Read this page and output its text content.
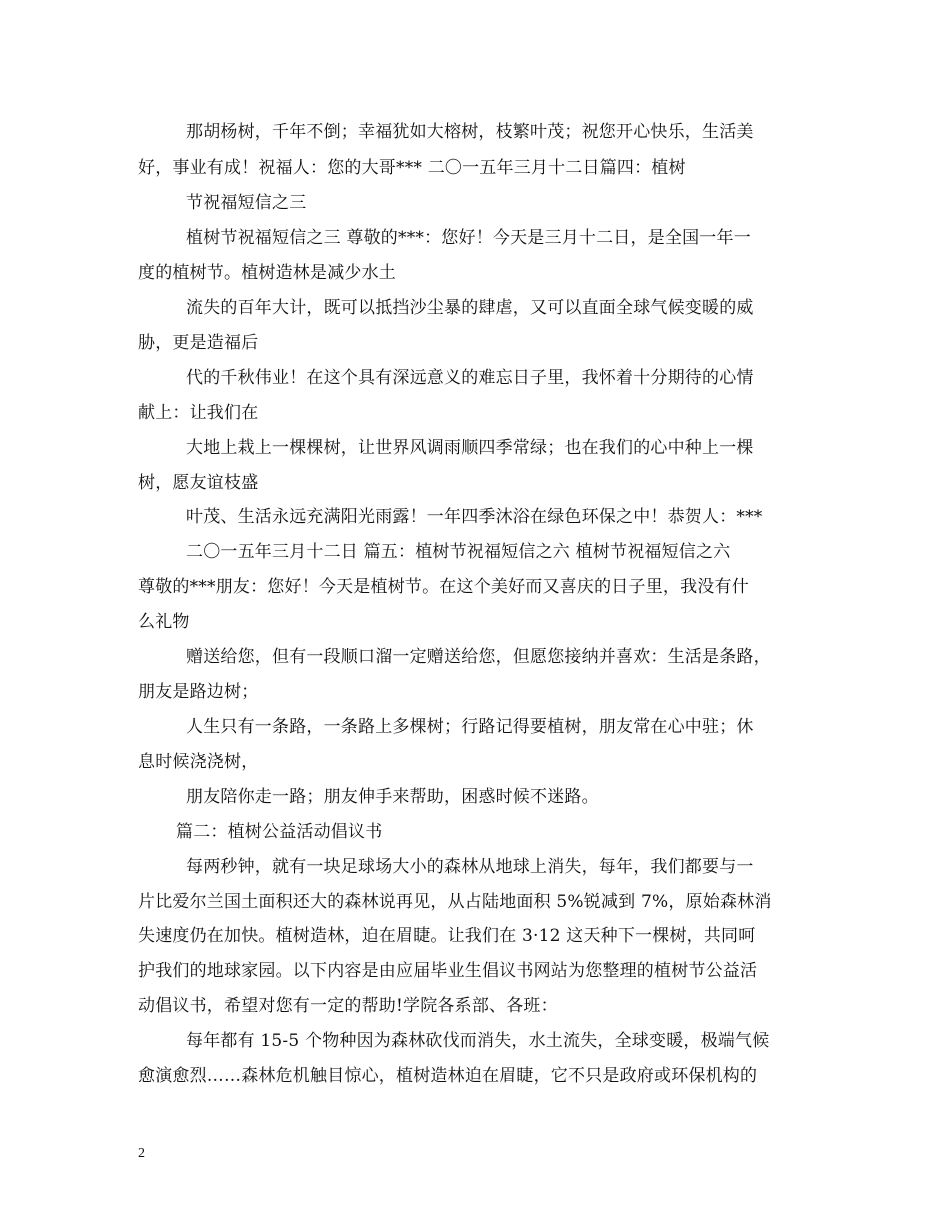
那胡杨树，千年不倒；幸福犹如大榕树，枝繁叶茂；祝您开心快乐，生活美
好，事业有成！祝福人：您的大哥*** 二〇一五年三月十二日篇四：植树
节祝福短信之三
植树节祝福短信之三 尊敬的***：您好！今天是三月十二日，是全国一年一
度的植树节。植树造林是减少水土
流失的百年大计，既可以抵挡沙尘暴的肆虐，又可以直面全球气候变暖的威
胁，更是造福后
代的千秋伟业！在这个具有深远意义的难忘日子里，我怀着十分期待的心情
献上：让我们在
大地上栽上一棵棵树，让世界风调雨顺四季常绿；也在我们的心中种上一棵
树，愿友谊枝盛
叶茂、生活永远充满阳光雨露！一年四季沐浴在绿色环保之中！恭贺人：***
二〇一五年三月十二日 篇五：植树节祝福短信之六 植树节祝福短信之六
尊敬的***朋友：您好！今天是植树节。在这个美好而又喜庆的日子里，我没有什
么礼物
赠送给您，但有一段顺口溜一定赠送给您，但愿您接纳并喜欢：生活是条路，
朋友是路边树；
人生只有一条路，一条路上多棵树；行路记得要植树，朋友常在心中驻；休
息时候浇浇树，
朋友陪你走一路；朋友伸手来帮助，困惑时候不迷路。
篇二：植树公益活动倡议书
每两秒钟，就有一块足球场大小的森林从地球上消失，每年，我们都要与一
片比爱尔兰国土面积还大的森林说再见，从占陆地面积 5%锐减到 7%，原始森林消
失速度仍在加快。植树造林，迫在眉睫。让我们在 3·12 这天种下一棵树，共同呵
护我们的地球家园。以下内容是由应届毕业生倡议书网站为您整理的植树节公益活
动倡议书，希望对您有一定的帮助!学院各系部、各班：
每年都有 15-5 个物种因为森林砍伐而消失，水土流失，全球变暖，极端气候
愈演愈烈……森林危机触目惊心，植树造林迫在眉睫，它不只是政府或环保机构的
2
